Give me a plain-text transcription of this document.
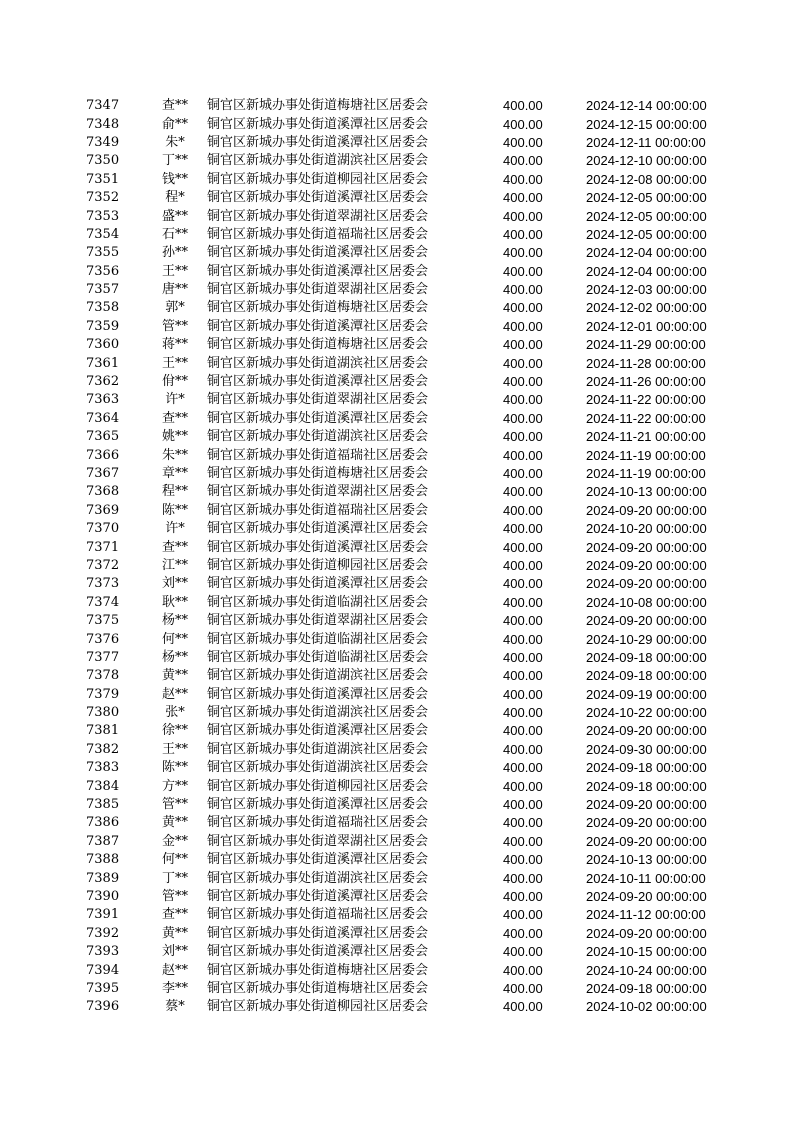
7347	查**	铜官区新城办事处街道梅塘社区居委会	400.00	2024-12-14 00:00:00
7348	俞**	铜官区新城办事处街道溪潭社区居委会	400.00	2024-12-15 00:00:00
7349	朱*	铜官区新城办事处街道溪潭社区居委会	400.00	2024-12-11 00:00:00
7350	丁**	铜官区新城办事处街道湖滨社区居委会	400.00	2024-12-10 00:00:00
7351	钱**	铜官区新城办事处街道柳园社区居委会	400.00	2024-12-08 00:00:00
7352	程*	铜官区新城办事处街道溪潭社区居委会	400.00	2024-12-05 00:00:00
7353	盛**	铜官区新城办事处街道翠湖社区居委会	400.00	2024-12-05 00:00:00
7354	石**	铜官区新城办事处街道福瑞社区居委会	400.00	2024-12-05 00:00:00
7355	孙**	铜官区新城办事处街道溪潭社区居委会	400.00	2024-12-04 00:00:00
7356	王**	铜官区新城办事处街道溪潭社区居委会	400.00	2024-12-04 00:00:00
7357	唐**	铜官区新城办事处街道翠湖社区居委会	400.00	2024-12-03 00:00:00
7358	郭*	铜官区新城办事处街道梅塘社区居委会	400.00	2024-12-02 00:00:00
7359	管**	铜官区新城办事处街道溪潭社区居委会	400.00	2024-12-01 00:00:00
7360	蒋**	铜官区新城办事处街道梅塘社区居委会	400.00	2024-11-29 00:00:00
7361	王**	铜官区新城办事处街道湖滨社区居委会	400.00	2024-11-28 00:00:00
7362	佾**	铜官区新城办事处街道溪潭社区居委会	400.00	2024-11-26 00:00:00
7363	许*	铜官区新城办事处街道翠湖社区居委会	400.00	2024-11-22 00:00:00
7364	查**	铜官区新城办事处街道溪潭社区居委会	400.00	2024-11-22 00:00:00
7365	姚**	铜官区新城办事处街道湖滨社区居委会	400.00	2024-11-21 00:00:00
7366	朱**	铜官区新城办事处街道福瑞社区居委会	400.00	2024-11-19 00:00:00
7367	章**	铜官区新城办事处街道梅塘社区居委会	400.00	2024-11-19 00:00:00
7368	程**	铜官区新城办事处街道翠湖社区居委会	400.00	2024-10-13 00:00:00
7369	陈**	铜官区新城办事处街道福瑞社区居委会	400.00	2024-09-20 00:00:00
7370	许*	铜官区新城办事处街道溪潭社区居委会	400.00	2024-10-20 00:00:00
7371	查**	铜官区新城办事处街道溪潭社区居委会	400.00	2024-09-20 00:00:00
7372	江**	铜官区新城办事处街道柳园社区居委会	400.00	2024-09-20 00:00:00
7373	刘**	铜官区新城办事处街道溪潭社区居委会	400.00	2024-09-20 00:00:00
7374	耿**	铜官区新城办事处街道临湖社区居委会	400.00	2024-10-08 00:00:00
7375	杨**	铜官区新城办事处街道翠湖社区居委会	400.00	2024-09-20 00:00:00
7376	何**	铜官区新城办事处街道临湖社区居委会	400.00	2024-10-29 00:00:00
7377	杨**	铜官区新城办事处街道临湖社区居委会	400.00	2024-09-18 00:00:00
7378	黄**	铜官区新城办事处街道湖滨社区居委会	400.00	2024-09-18 00:00:00
7379	赵**	铜官区新城办事处街道溪潭社区居委会	400.00	2024-09-19 00:00:00
7380	张*	铜官区新城办事处街道湖滨社区居委会	400.00	2024-10-22 00:00:00
7381	徐**	铜官区新城办事处街道溪潭社区居委会	400.00	2024-09-20 00:00:00
7382	王**	铜官区新城办事处街道湖滨社区居委会	400.00	2024-09-30 00:00:00
7383	陈**	铜官区新城办事处街道湖滨社区居委会	400.00	2024-09-18 00:00:00
7384	方**	铜官区新城办事处街道柳园社区居委会	400.00	2024-09-18 00:00:00
7385	管**	铜官区新城办事处街道溪潭社区居委会	400.00	2024-09-20 00:00:00
7386	黄**	铜官区新城办事处街道福瑞社区居委会	400.00	2024-09-20 00:00:00
7387	金**	铜官区新城办事处街道翠湖社区居委会	400.00	2024-09-20 00:00:00
7388	何**	铜官区新城办事处街道溪潭社区居委会	400.00	2024-10-13 00:00:00
7389	丁**	铜官区新城办事处街道湖滨社区居委会	400.00	2024-10-11 00:00:00
7390	管**	铜官区新城办事处街道溪潭社区居委会	400.00	2024-09-20 00:00:00
7391	查**	铜官区新城办事处街道福瑞社区居委会	400.00	2024-11-12 00:00:00
7392	黄**	铜官区新城办事处街道溪潭社区居委会	400.00	2024-09-20 00:00:00
7393	刘**	铜官区新城办事处街道溪潭社区居委会	400.00	2024-10-15 00:00:00
7394	赵**	铜官区新城办事处街道梅塘社区居委会	400.00	2024-10-24 00:00:00
7395	李**	铜官区新城办事处街道梅塘社区居委会	400.00	2024-09-18 00:00:00
7396	蔡*	铜官区新城办事处街道柳园社区居委会	400.00	2024-10-02 00:00:00
